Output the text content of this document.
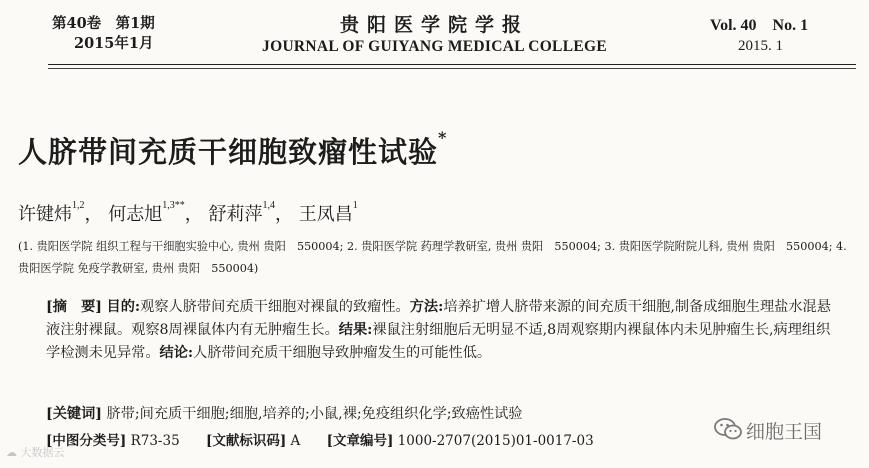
第40卷　第1期
2015年1月
贵阳医学院学报
JOURNAL OF GUIYANG MEDICAL COLLEGE
Vol. 40　No. 1
2015. 1
人脐带间充质干细胞致瘤性试验*
许键炜$^{1,2}$， 何志旭$^{1,3**}$， 舒莉萍$^{1,4}$， 王凤昌$^1$
(1. 贵阳医学院 组织工程与干细胞实验中心, 贵州 贵阳　550004; 2. 贵阳医学院 药理学教研室, 贵州 贵阳　550004; 3. 贵阳医学院附院儿科, 贵州 贵阳　550004; 4. 贵阳医学院 免疫学教研室, 贵州 贵阳　550004)
[摘　要] 目的:观察人脐带间充质干细胞对裸鼠的致瘤性。方法:培养扩增人脐带来源的间充质干细胞,制备成细胞生理盐水混悬液注射裸鼠。观察8周裸鼠体内有无肿瘤生长。结果:裸鼠注射细胞后无明显不适,8周观察期内裸鼠体内未见肿瘤生长,病理组织学检测未见异常。结论:人脐带间充质干细胞导致肿瘤发生的可能性低。
[关键词] 脐带;间充质干细胞;细胞,培养的;小鼠,裸;免疫组织化学;致癌性试验
[中图分类号] R73-35 [文献标识码] A [文章编号] 1000-2707(2015)01-0017-03	细胞王国
☁ 大数据云
